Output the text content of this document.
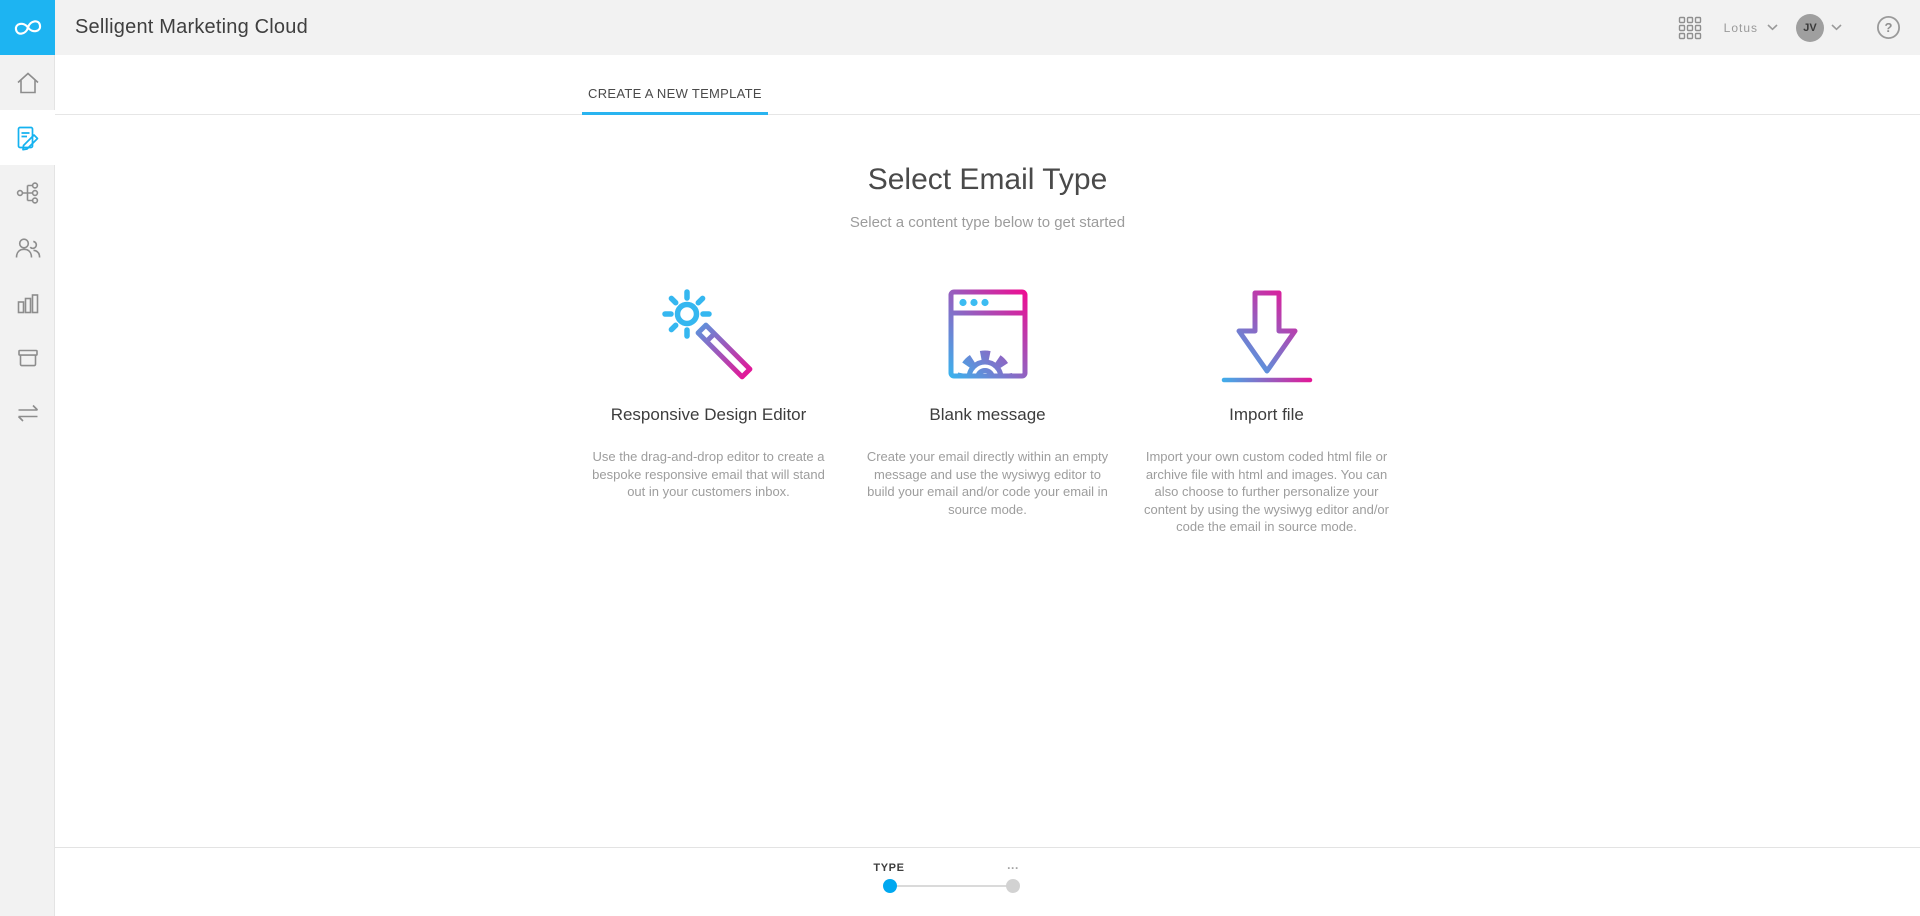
Selligent Marketing Cloud	Lotus	JV	?
CREATE A NEW TEMPLATE
Select Email Type

Select a content type below to get started

Responsive Design Editor
Use the drag-and-drop editor to create a bespoke responsive email that will stand out in your customers inbox.
Blank message
Create your email directly within an empty message and use the wysiwyg editor to build your email and/or code your email in source mode.
Import file
Import your own custom coded html file or archive file with html and images. You can also choose to further personalize your content by using the wysiwyg editor and/or code the email in source mode.
TYPE	...
